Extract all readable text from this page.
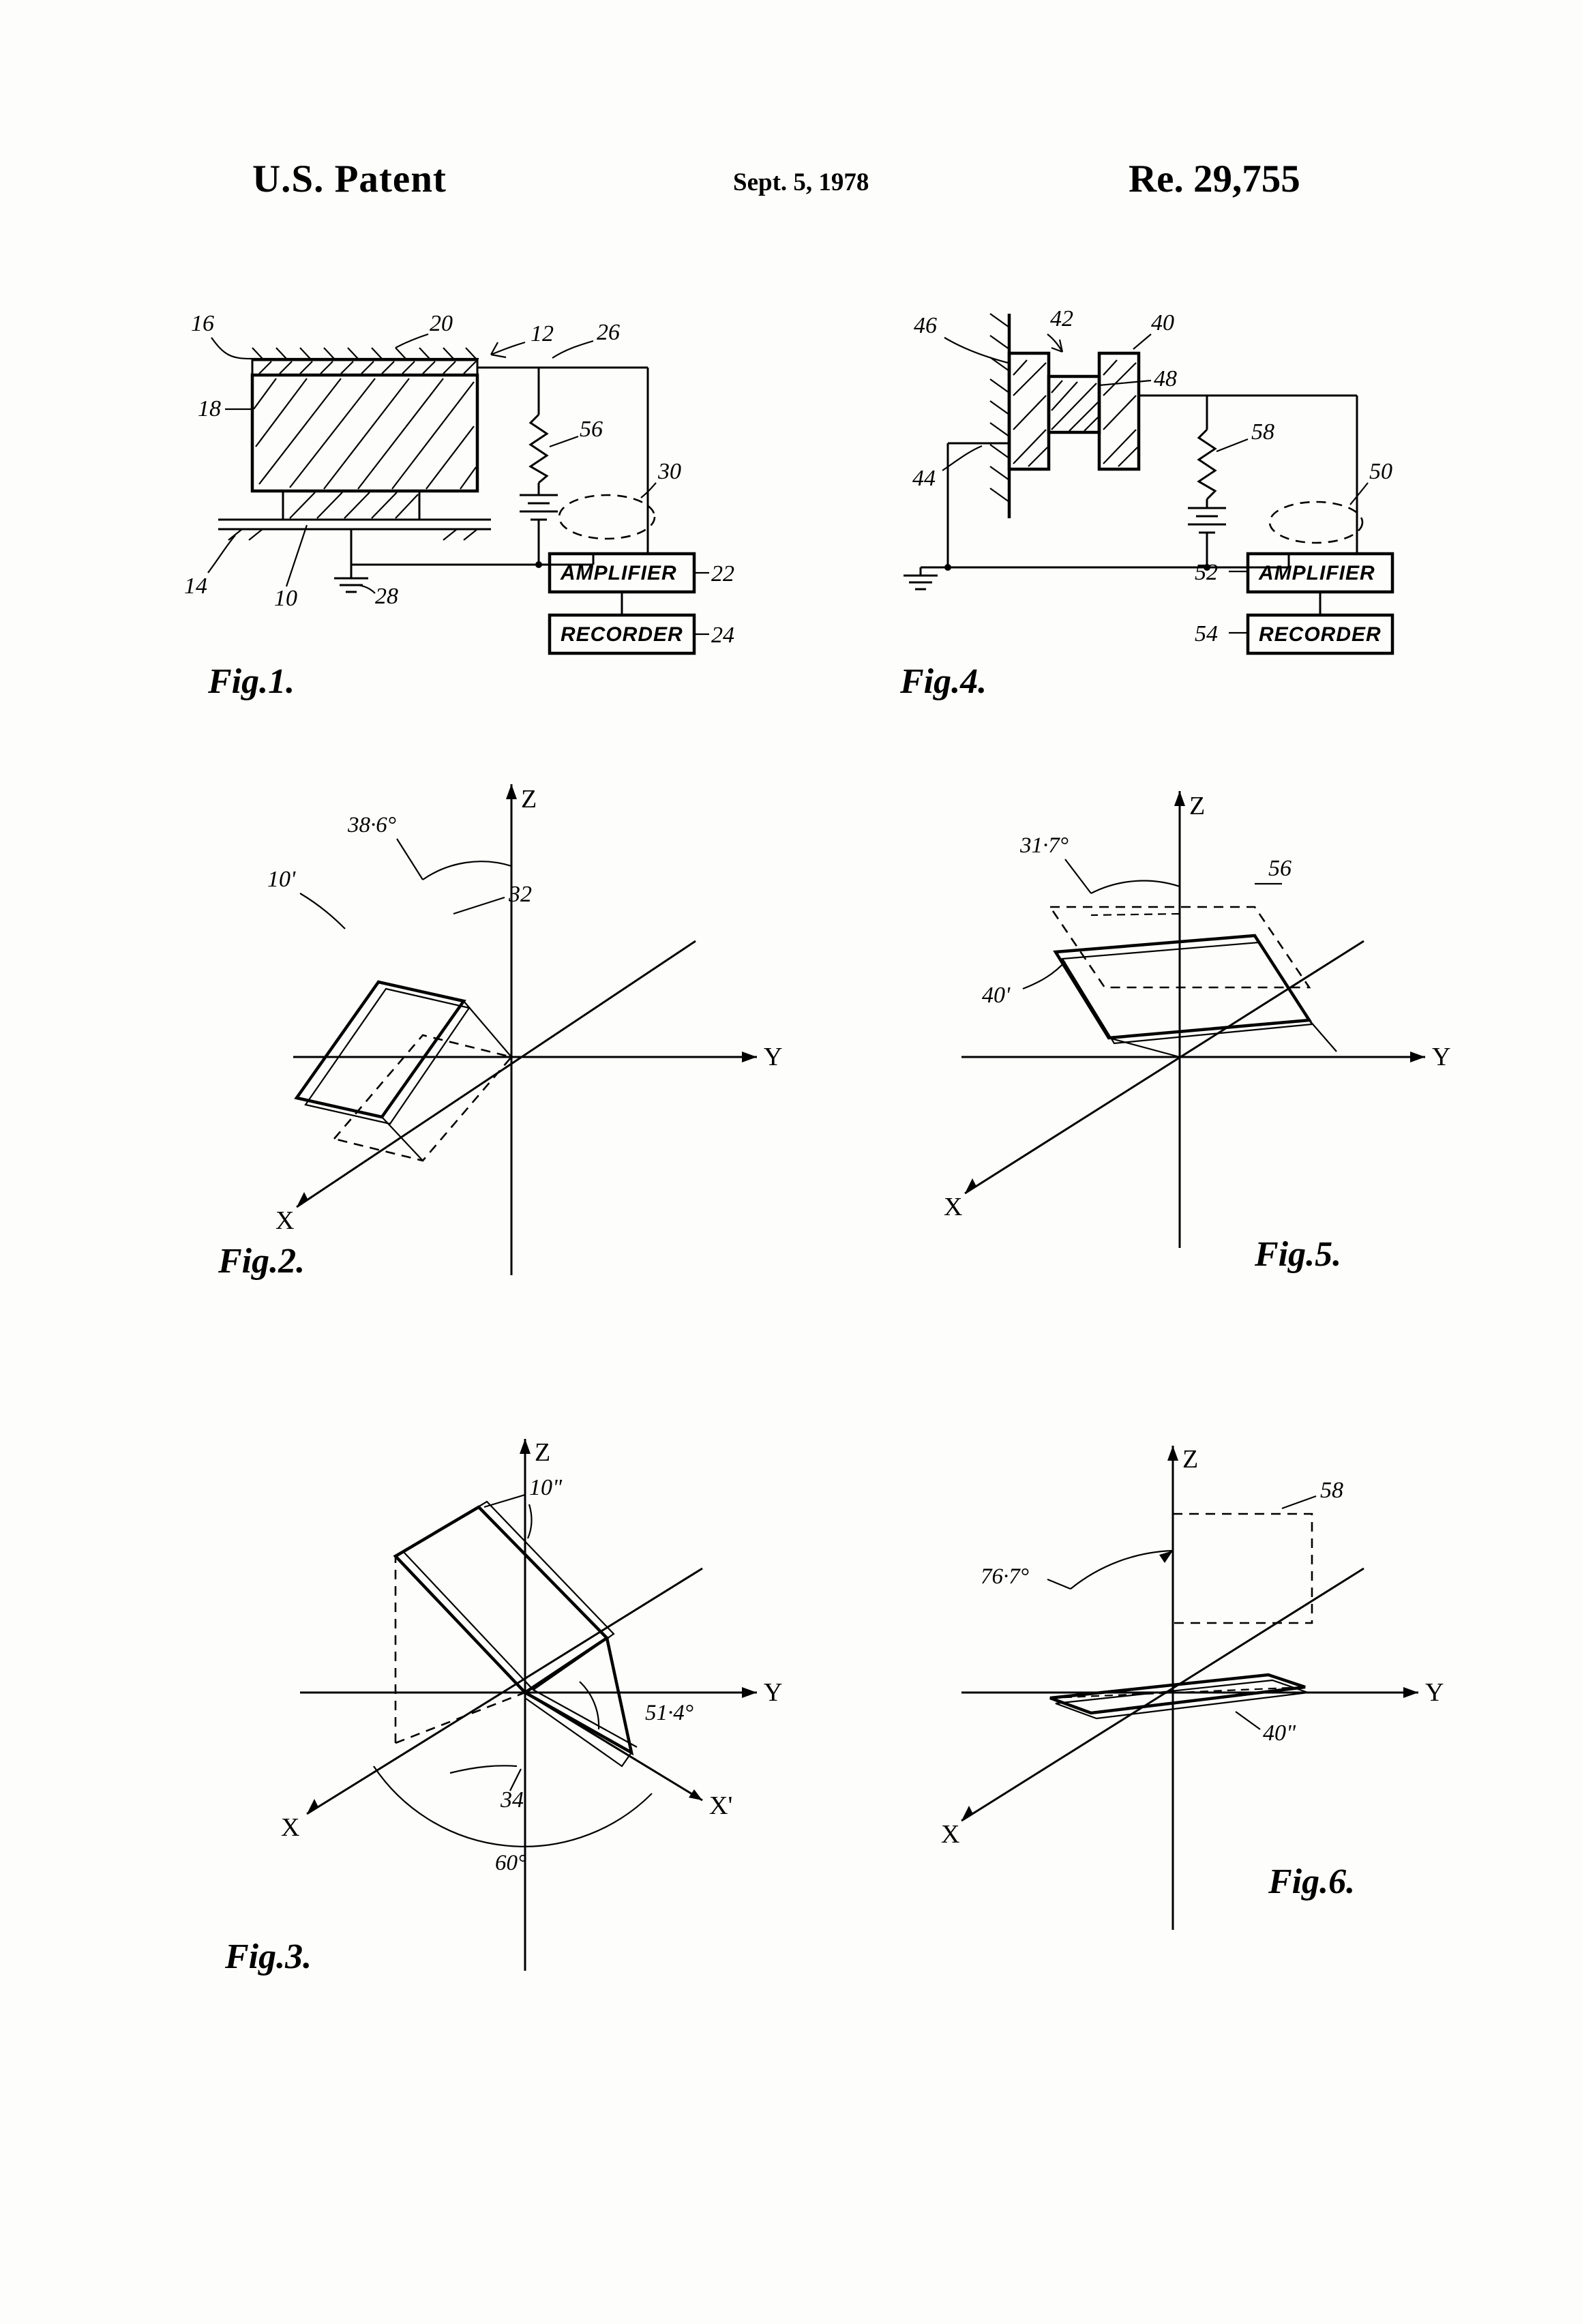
U.S. Patent	Sept. 5, 1978	Re. 29,755
AMPLIFIER
RECORDER
16	20	12
18
14	10	28
56
26
30
22
24
Fig.1.
AMPLIFIER
RECORDER
46	42	40
48
44
58
50
52
54
Fig.4.
38·6°
Z
Y
X
10'
32
Fig.2.
31·7°
Z
Y
X
40'
56
Fig.5.
51·4°
60°
Z
Y
X
X'
10"
34
Fig.3.
76·7°
Z
Y
X
58
40"
Fig.6.
